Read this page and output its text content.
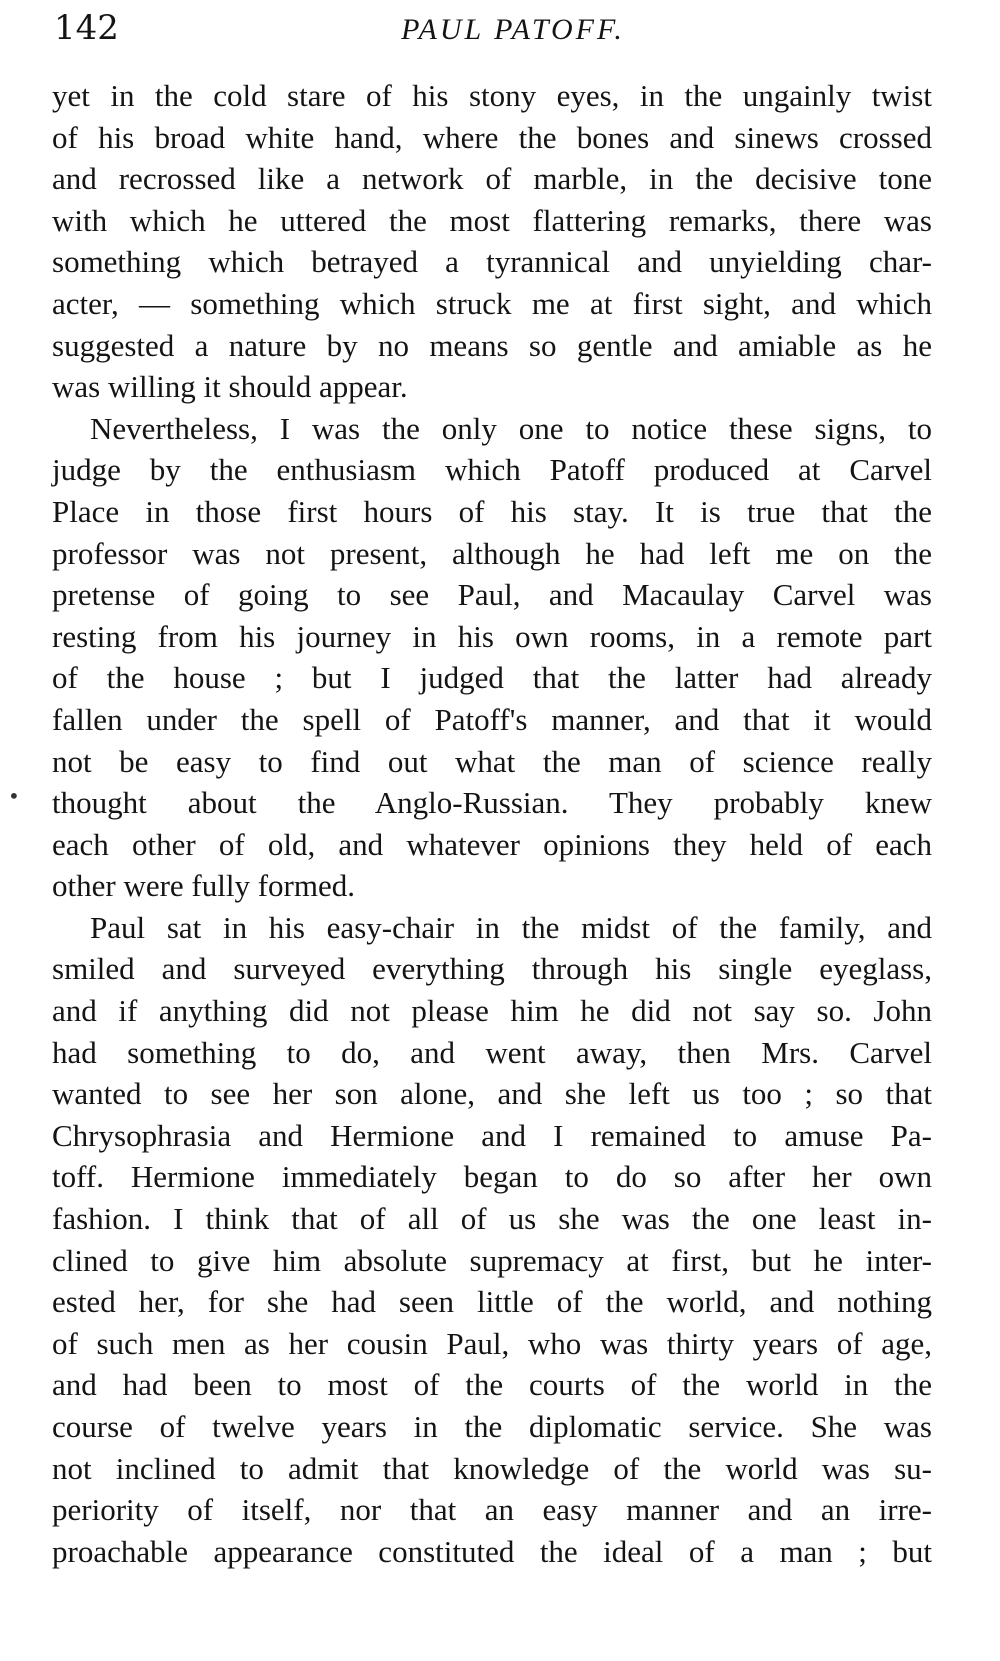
142	PAUL PATOFF.
•
yet in the cold stare of his stony eyes, in the ungainly twist
of his broad white hand, where the bones and sinews crossed
and recrossed like a network of marble, in the decisive tone
with which he uttered the most flattering remarks, there was
something which betrayed a tyrannical and unyielding char-
acter, — something which struck me at first sight, and which
suggested a nature by no means so gentle and amiable as he
was willing it should appear.
Nevertheless, I was the only one to notice these signs, to
judge by the enthusiasm which Patoff produced at Carvel
Place in those first hours of his stay. It is true that the
professor was not present, although he had left me on the
pretense of going to see Paul, and Macaulay Carvel was
resting from his journey in his own rooms, in a remote part
of the house ; but I judged that the latter had already
fallen under the spell of Patoff's manner, and that it would
not be easy to find out what the man of science really
thought about the Anglo-Russian. They probably knew
each other of old, and whatever opinions they held of each
other were fully formed.
Paul sat in his easy-chair in the midst of the family, and
smiled and surveyed everything through his single eyeglass,
and if anything did not please him he did not say so. John
had something to do, and went away, then Mrs. Carvel
wanted to see her son alone, and she left us too ; so that
Chrysophrasia and Hermione and I remained to amuse Pa-
toff. Hermione immediately began to do so after her own
fashion. I think that of all of us she was the one least in-
clined to give him absolute supremacy at first, but he inter-
ested her, for she had seen little of the world, and nothing
of such men as her cousin Paul, who was thirty years of age,
and had been to most of the courts of the world in the
course of twelve years in the diplomatic service. She was
not inclined to admit that knowledge of the world was su-
periority of itself, nor that an easy manner and an irre-
proachable appearance constituted the ideal of a man ; but
